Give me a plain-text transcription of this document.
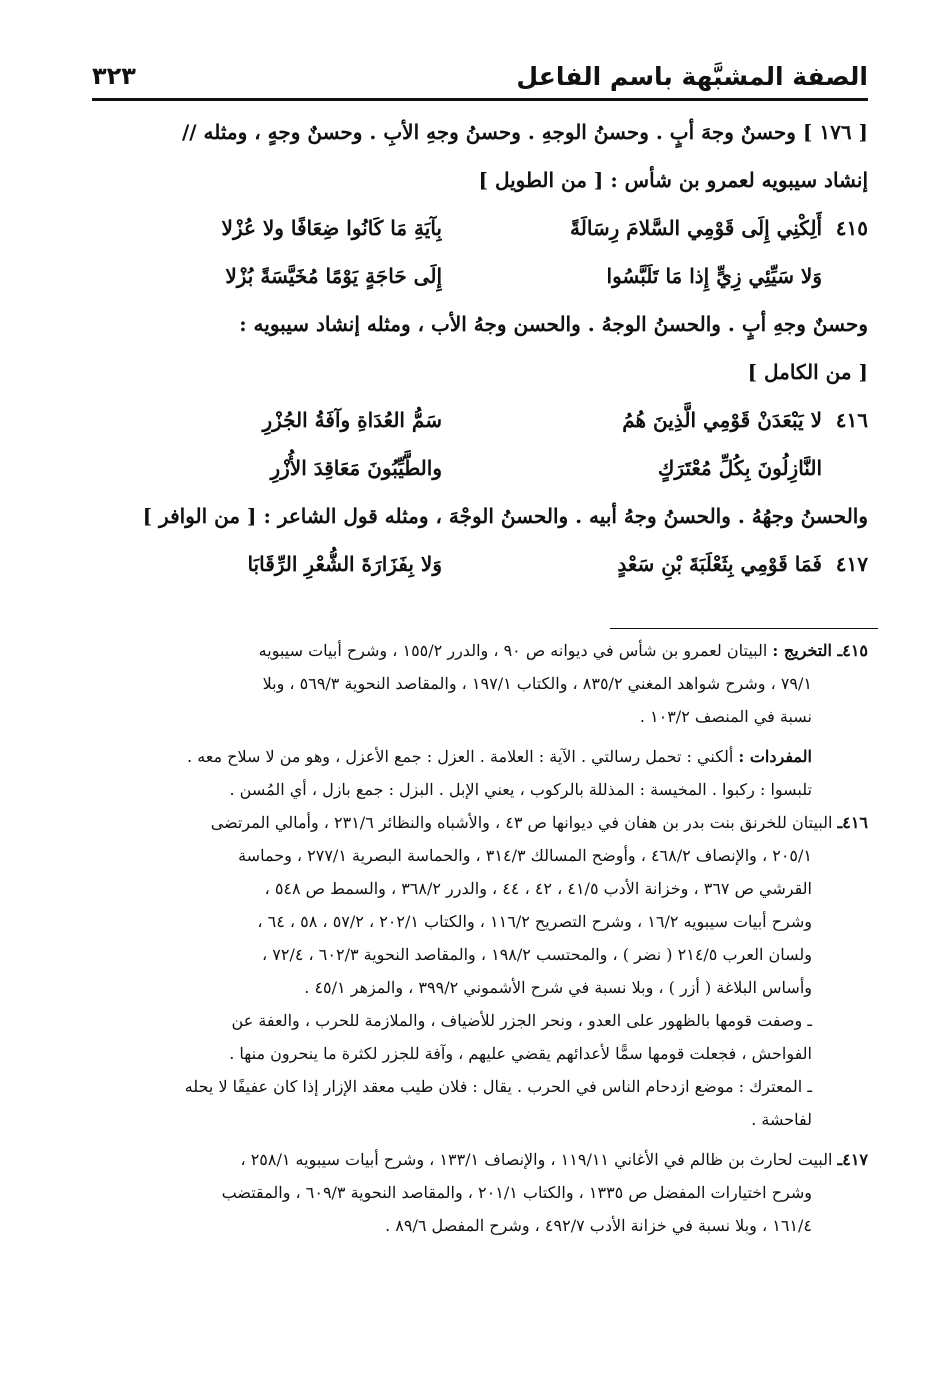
الصفة المشبَّهة باسم الفاعل
٣٢٣
[ ١٧٦ ] وحسنٌ وجهَ أبٍ . وحسنُ الوجهِ . وحسنُ وجهِ الأبِ . وحسنٌ وجهٍ ، ومثله //
إنشاد سيبويه لعمرو بن شأس : [ من الطويل ]
٤١٥
أَلِكْنِي إِلَى قَوْمِي السَّلامَ رِسَالَةً
بِآيَةِ مَا كَانُوا ضِعَافًا ولا عُزْلا
وَلا سَيِّئِي زِيٍّ إِذا مَا تَلَبَّسُوا
إِلَى حَاجَةٍ يَوْمًا مُخَيَّسَةً بُزْلا
وحسنٌ وجهِ أبٍ . والحسنُ الوجهُ . والحسن وجهُ الأب ، ومثله إنشاد سيبويه :
[ من الكامل ]
٤١٦
لا يَبْعَدَنْ قَوْمِي الَّذِينَ هُمُ
سَمُّ العُدَاةِ وآفَةُ الجُزْرِ
النَّازِلُونَ بِكُلِّ مُعْتَرَكٍ
والطَّيِّبُونَ مَعَاقِدَ الأُزْرِ
والحسنُ وجهُهُ . والحسنُ وجهُ أبيه . والحسنُ الوجْهَ ، ومثله قول الشاعر : [ من الوافر ]
٤١٧
فَمَا قَوْمِي بِثَعْلَبَةَ بْنِ سَعْدٍ
وَلا بِفَزَارَةَ الشُّعْرِ الرِّقَابَا
٤١٥ـ التخريج : البيتان لعمرو بن شأس في ديوانه ص ٩٠ ، والدرر ١٥٥/٢ ، وشرح أبيات سيبويه
٧٩/١ ، وشرح شواهد المغني ٨٣٥/٢ ، والكتاب ١٩٧/١ ، والمقاصد النحوية ٥٦٩/٣ ، وبلا
نسبة في المنصف ١٠٣/٢ .
المفردات : ألكني : تحمل رسالتي . الآية : العلامة . العزل : جمع الأعزل ، وهو من لا سلاح معه .
تلبسوا : ركبوا . المخيسة : المذللة بالركوب ، يعني الإبل . البزل : جمع بازل ، أي المُسن .
٤١٦ـ البيتان للخرنق بنت بدر بن هفان في ديوانها ص ٤٣ ، والأشباه والنظائر ٢٣١/٦ ، وأمالي المرتضى
٢٠٥/١ ، والإنصاف ٤٦٨/٢ ، وأوضح المسالك ٣١٤/٣ ، والحماسة البصرية ٢٧٧/١ ، وحماسة
القرشي ص ٣٦٧ ، وخزانة الأدب ٤١/٥ ، ٤٢ ، ٤٤ ، والدرر ٣٦٨/٢ ، والسمط ص ٥٤٨ ،
وشرح أبيات سيبويه ١٦/٢ ، وشرح التصريح ١١٦/٢ ، والكتاب ٢٠٢/١ ، ٥٧/٢ ، ٥٨ ، ٦٤ ،
ولسان العرب ٢١٤/٥ ( نضر ) ، والمحتسب ١٩٨/٢ ، والمقاصد النحوية ٦٠٢/٣ ، ٧٢/٤ ،
وأساس البلاغة ( أزر ) ، وبلا نسبة في شرح الأشموني ٣٩٩/٢ ، والمزهر ٤٥/١ .
ـ وصفت قومها بالظهور على العدو ، ونحر الجزر للأضياف ، والملازمة للحرب ، والعفة عن
الفواحش ، فجعلت قومها سمًّا لأعدائهم يقضي عليهم ، وآفة للجزر لكثرة ما ينحرون منها .
ـ المعترك : موضع ازدحام الناس في الحرب . يقال : فلان طيب معقد الإزار إذا كان عفيفًا لا يحله
لفاحشة .
٤١٧ـ البيت لحارث بن ظالم في الأغاني ١١٩/١١ ، والإنصاف ١٣٣/١ ، وشرح أبيات سيبويه ٢٥٨/١ ،
وشرح اختيارات المفضل ص ١٣٣٥ ، والكتاب ٢٠١/١ ، والمقاصد النحوية ٦٠٩/٣ ، والمقتضب
١٦١/٤ ، وبلا نسبة في خزانة الأدب ٤٩٢/٧ ، وشرح المفصل ٨٩/٦ .
